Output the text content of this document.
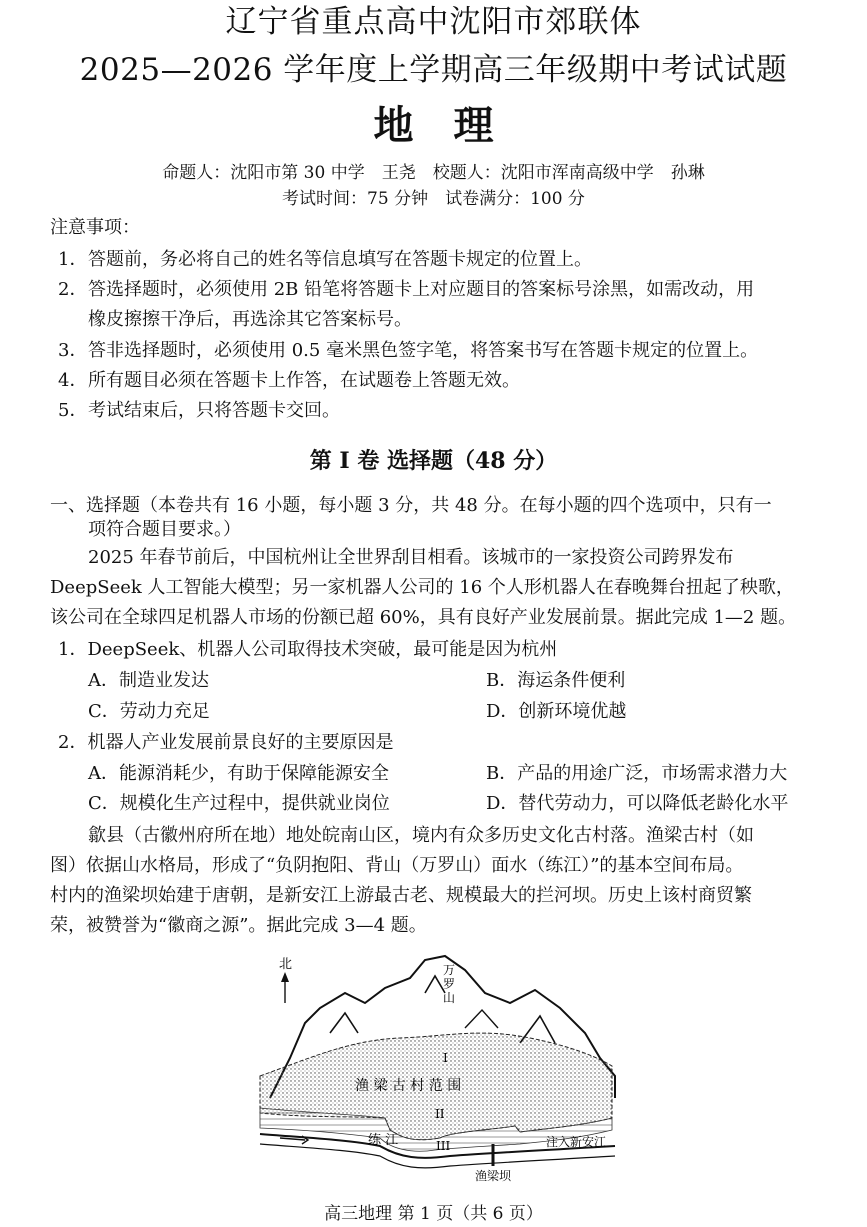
辽宁省重点高中沈阳市郊联体
2025—2026 学年度上学期高三年级期中考试试题
地理
命题人：沈阳市第 30 中学　王尧　校题人：沈阳市浑南高级中学　孙琳
考试时间：75 分钟　试卷满分：100 分
注意事项：
1． 答题前，务必将自己的姓名等信息填写在答题卡规定的位置上。
2． 答选择题时，必须使用 2B 铅笔将答题卡上对应题目的答案标号涂黑，如需改动，用
橡皮擦擦干净后，再选涂其它答案标号。
3． 答非选择题时，必须使用 0.5 毫米黑色签字笔，将答案书写在答题卡规定的位置上。
4． 所有题目必须在答题卡上作答，在试题卷上答题无效。
5． 考试结束后，只将答题卡交回。
第 I 卷 选择题（48 分）
一、选择题（本卷共有 16 小题，每小题 3 分，共 48 分。在每小题的四个选项中，只有一
项符合题目要求。）
2025 年春节前后，中国杭州让全世界刮目相看。该城市的一家投资公司跨界发布
DeepSeek 人工智能大模型；另一家机器人公司的 16 个人形机器人在春晚舞台扭起了秧歌，
该公司在全球四足机器人市场的份额已超 60%，具有良好产业发展前景。据此完成 1—2 题。
1．DeepSeek、机器人公司取得技术突破，最可能是因为杭州
A．制造业发达	B．海运条件便利
C．劳动力充足	D．创新环境优越
2．机器人产业发展前景良好的主要原因是
A．能源消耗少，有助于保障能源安全	B．产品的用途广泛，市场需求潜力大
C．规模化生产过程中，提供就业岗位	D．替代劳动力，可以降低老龄化水平
歙县（古徽州府所在地）地处皖南山区，境内有众多历史文化古村落。渔梁古村（如
图）依据山水格局，形成了“负阴抱阳、背山（万罗山）面水（练江）”的基本空间布局。
村内的渔梁坝始建于唐朝，是新安江上游最古老、规模最大的拦河坝。历史上该村商贸繁
荣，被赞誉为“徽商之源”。据此完成 3—4 题。
北	万罗山
I
II
III
渔 梁 古 村 范 围
练 江
渔梁坝
注入新安江
高三地理 第 1 页（共 6 页）
